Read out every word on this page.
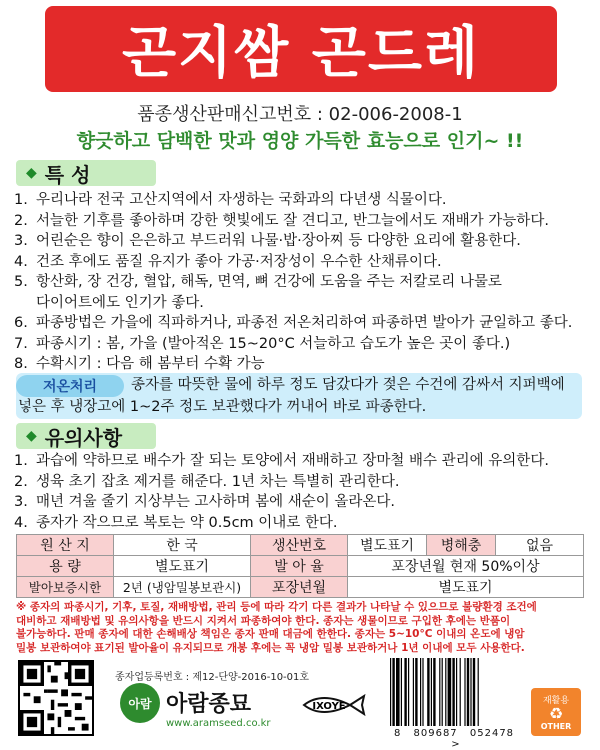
곤지쌈 곤드레
품종생산판매신고번호 : 02-006-2008-1
향긋하고 담백한 맛과 영양 가득한 효능으로 인기~ !!
◆ 특 성
1. 우리나라 전국 고산지역에서 자생하는 국화과의 다년생 식물이다.
2. 서늘한 기후를 좋아하며 강한 햇빛에도 잘 견디고, 반그늘에서도 재배가 가능하다.
3. 어린순은 향이 은은하고 부드러워 나물·밥·장아찌 등 다양한 요리에 활용한다.
4. 건조 후에도 품질 유지가 좋아 가공·저장성이 우수한 산채류이다.
5. 항산화, 장 건강, 혈압, 해독, 면역, 뼈 건강에 도움을 주는 저칼로리 나물로
다이어트에도 인기가 좋다.
6. 파종방법은 가을에 직파하거나, 파종전 저온처리하여 파종하면 발아가 균일하고 좋다.
7. 파종시기 : 봄, 가을 (발아적온 15~20°C 서늘하고 습도가 높은 곳이 좋다.)
8. 수확시기 : 다음 해 봄부터 수확 가능
저온처리	종자를 따뜻한 물에 하루 정도 담갔다가 젖은 수건에 감싸서 지퍼백에
넣은 후 냉장고에 1~2주 정도 보관했다가 꺼내어 바로 파종한다.
◆ 유의사항
1. 과습에 약하므로 배수가 잘 되는 토양에서 재배하고 장마철 배수 관리에 유의한다.
2. 생육 초기 잡초 제거를 해준다. 1년 차는 특별히 관리한다.
3. 매년 겨울 줄기 지상부는 고사하며 봄에 새순이 올라온다.
4. 종자가 작으므로 복토는 약 0.5cm 이내로 한다.
원 산 지	한 국	생산번호	별도표기	병해충	없음
용 량	별도표기	발 아 율	포장년월 현재 50%이상		
발아보증시한	2년 (냉암밀봉보관시)	포장년월	별도표기		
※ 종자의 파종시기, 기후, 토질, 재배방법, 관리 등에 따라 각기 다른 결과가 나타날 수 있으므로 불량환경 조건에
대비하고 재배방법 및 유의사항을 반드시 지켜서 파종하여야 한다. 종자는 생물이므로 구입한 후에는 반품이
불가능하다. 판매 종자에 대한 손해배상 책임은 종자 판매 대금에 한한다. 종자는 5~10°C 이내의 온도에 냉암
밀봉 보관하여야 표기된 발아율이 유지되므로 개봉 후에는 꼭 냉암 밀봉 보관하거나 1년 이내에 모두 사용한다.
종자업등록번호 : 제12-단양-2016-10-01호
아람 아람종묘
www.aramseed.co.kr
IXOYE
8 809687 052478 >
재활용
♻
OTHER
